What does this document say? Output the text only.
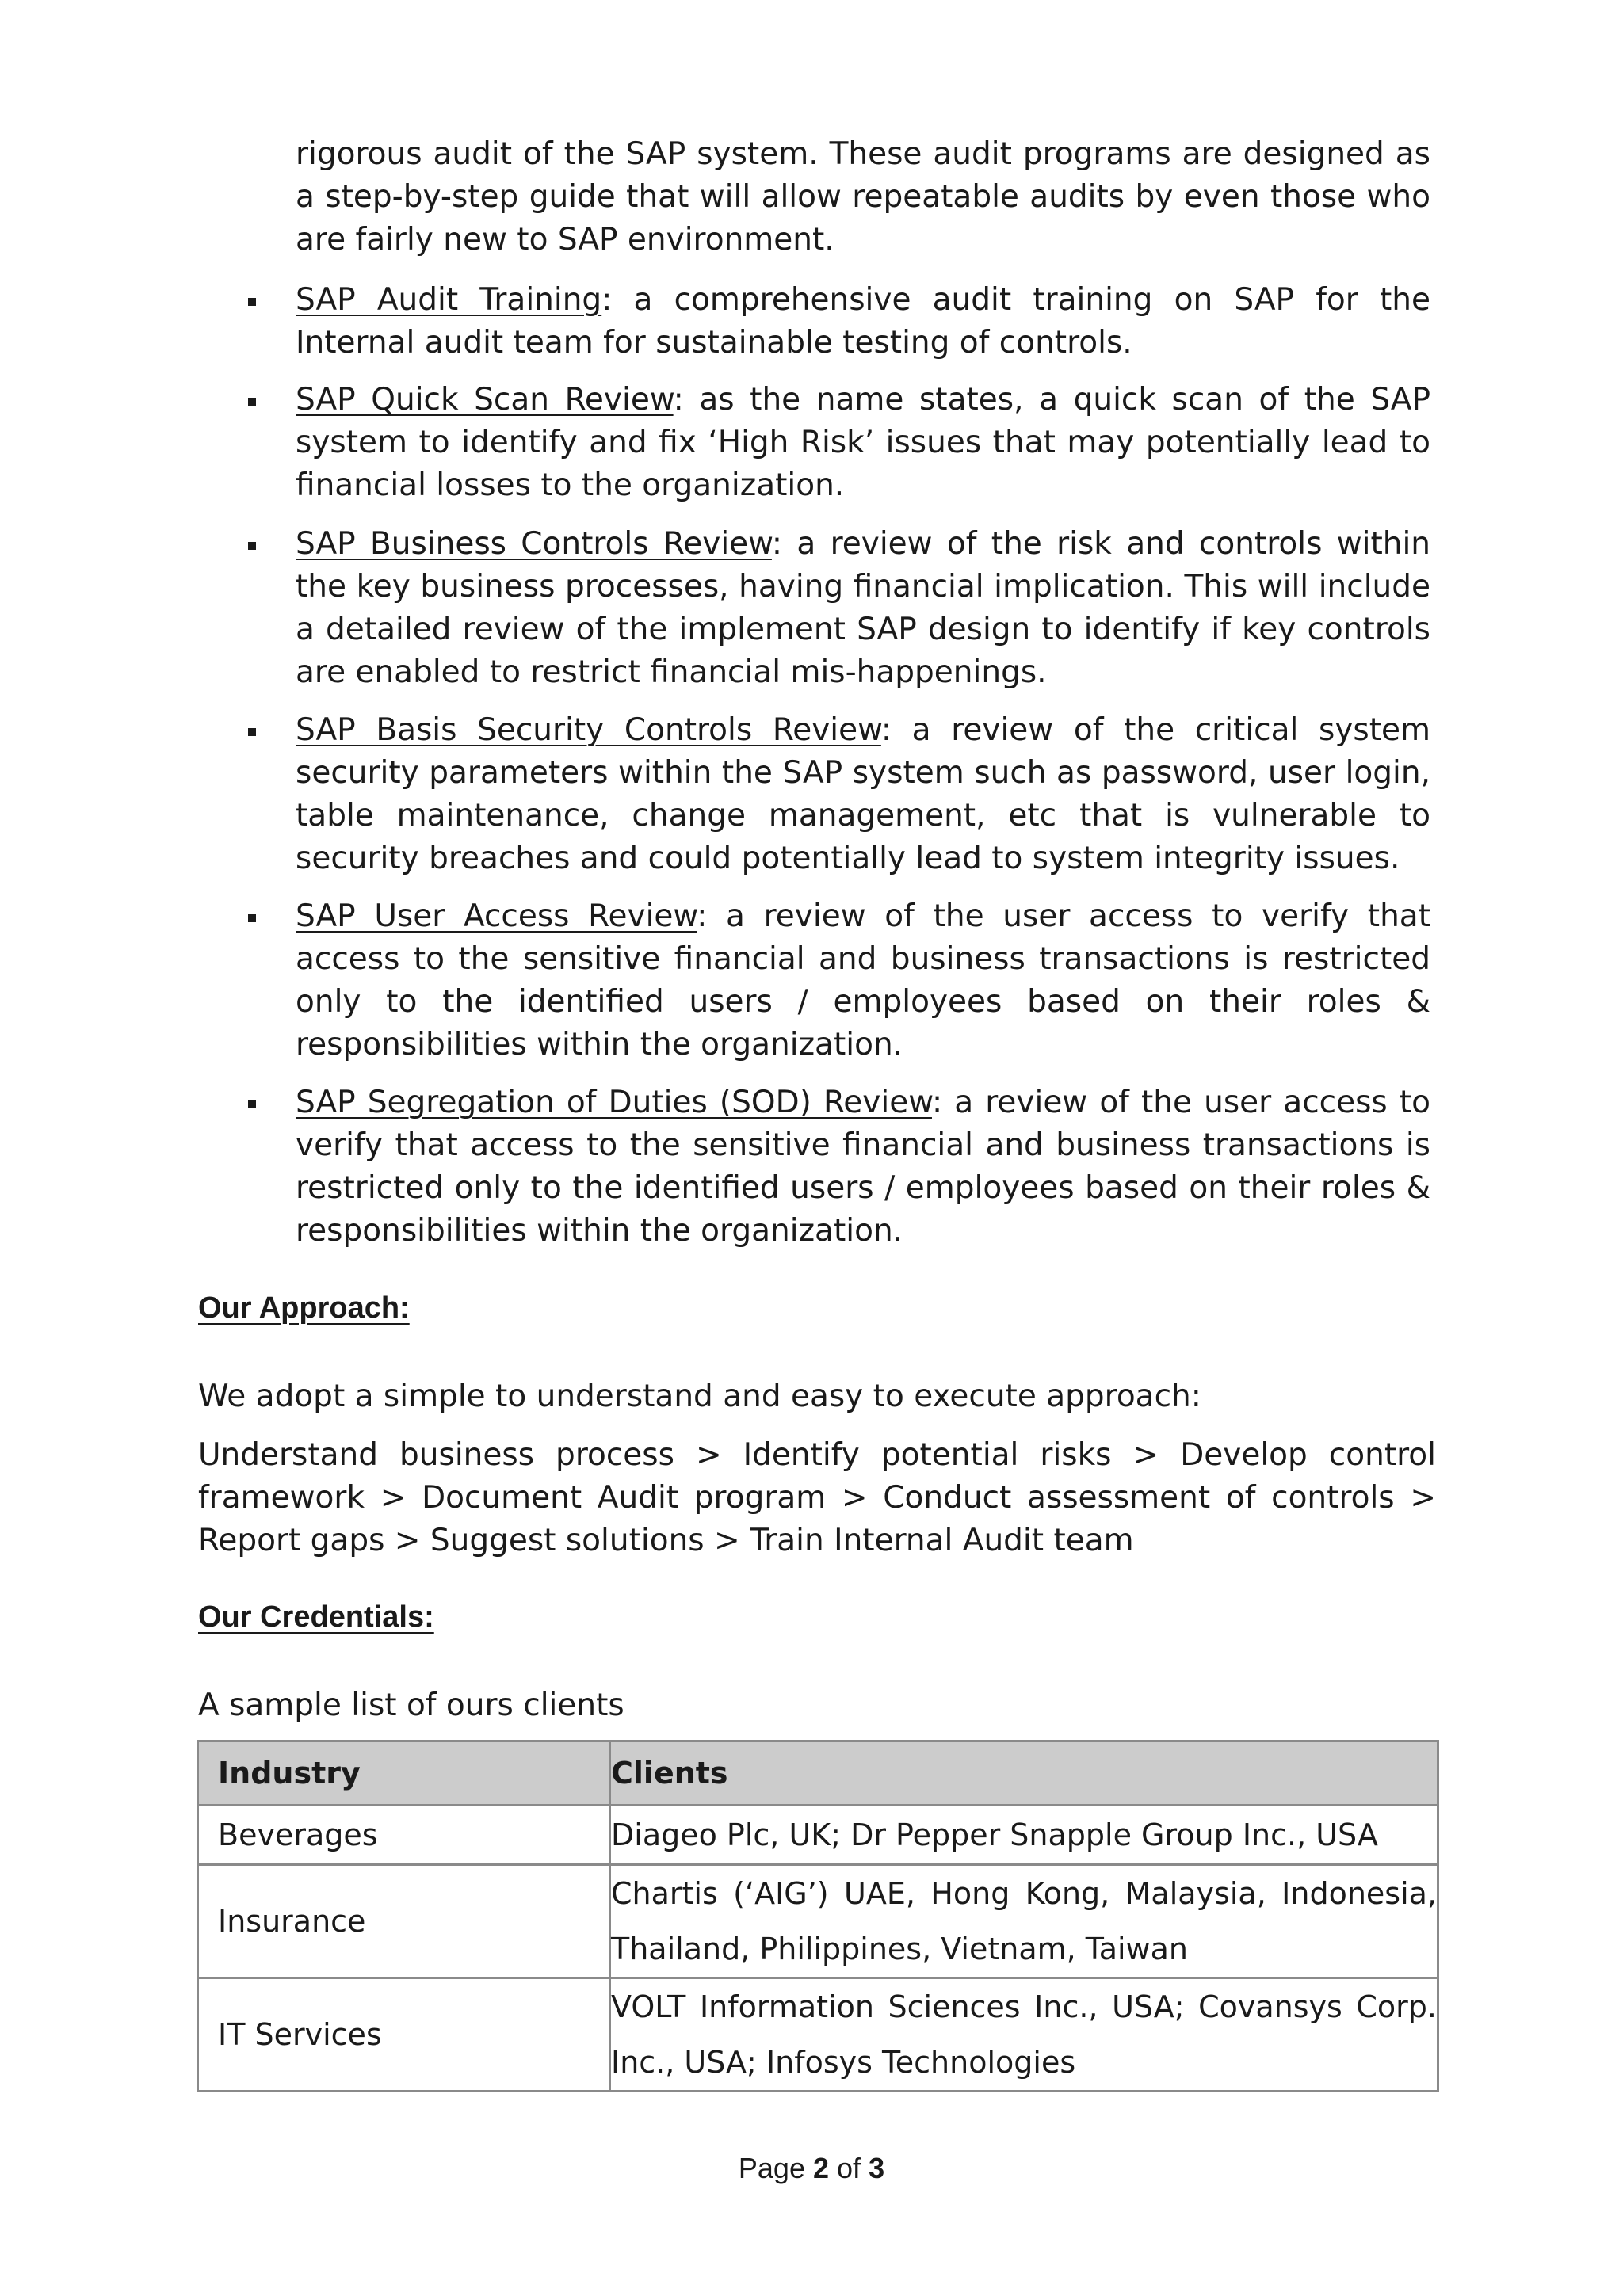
rigorous audit of the SAP system. These audit programs are designed as a step-by-step guide that will allow repeatable audits by even those who are fairly new to SAP environment.

SAP Audit Training: a comprehensive audit training on SAP for the Internal audit team for sustainable testing of controls.

SAP Quick Scan Review: as the name states, a quick scan of the SAP system to identify and fix ‘High Risk’ issues that may potentially lead to financial losses to the organization.

SAP Business Controls Review: a review of the risk and controls within the key business processes, having financial implication. This will include a detailed review of the implement SAP design to identify if key controls are enabled to restrict financial mis-happenings.

SAP Basis Security Controls Review: a review of the critical system security parameters within the SAP system such as password, user login, table maintenance, change management, etc that is vulnerable to security breaches and could potentially lead to system integrity issues.

SAP User Access Review: a review of the user access to verify that access to the sensitive financial and business transactions is restricted only to the identified users / employees based on their roles & responsibilities within the organization.

SAP Segregation of Duties (SOD) Review: a review of the user access to verify that access to the sensitive financial and business transactions is restricted only to the identified users / employees based on their roles & responsibilities within the organization.

Our Approach:

We adopt a simple to understand and easy to execute approach:

Understand business process > Identify potential risks > Develop control framework > Document Audit program > Conduct assessment of controls > Report gaps > Suggest solutions > Train Internal Audit team

Our Credentials:

A sample list of ours clients

Industry	Clients
Beverages	Diageo Plc, UK; Dr Pepper Snapple Group Inc., USA
Insurance	Chartis (‘AIG’) UAE, Hong Kong, Malaysia, Indonesia, Thailand, Philippines, Vietnam, Taiwan
IT Services	VOLT Information Sciences Inc., USA; Covansys Corp. Inc., USA; Infosys Technologies
Page 2 of 3
